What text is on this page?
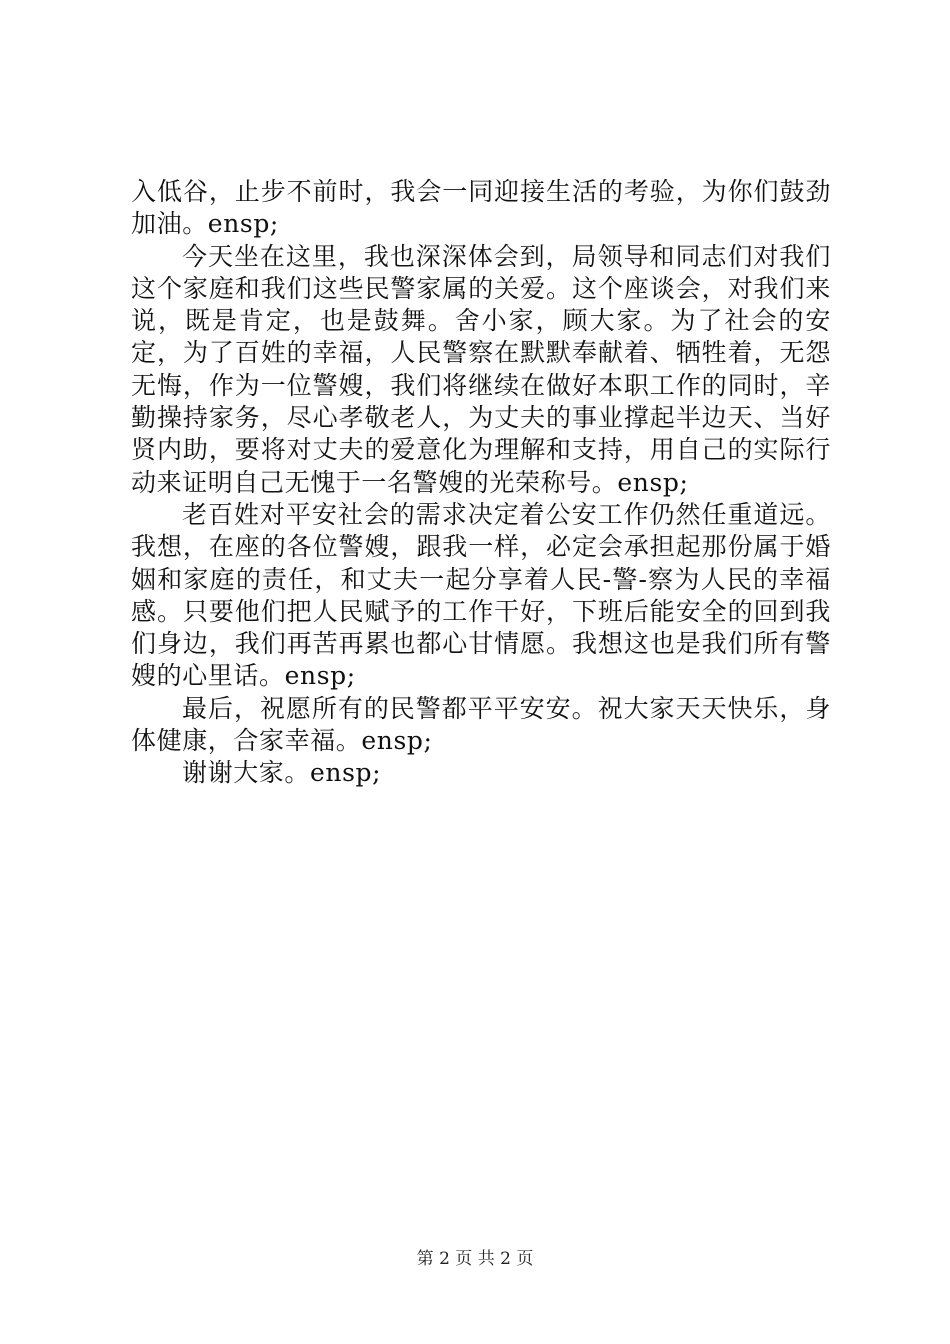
入低谷，止步不前时，我会一同迎接生活的考验，为你们鼓劲加油。ensp;

今天坐在这里，我也深深体会到，局领导和同志们对我们这个家庭和我们这些民警家属的关爱。这个座谈会，对我们来说，既是肯定，也是鼓舞。舍小家，顾大家。为了社会的安定，为了百姓的幸福，人民警察在默默奉献着、牺牲着，无怨无悔，作为一位警嫂，我们将继续在做好本职工作的同时，辛勤操持家务，尽心孝敬老人，为丈夫的事业撑起半边天、当好贤内助，要将对丈夫的爱意化为理解和支持，用自己的实际行动来证明自己无愧于一名警嫂的光荣称号。ensp;

老百姓对平安社会的需求决定着公安工作仍然任重道远。我想，在座的各位警嫂，跟我一样，必定会承担起那份属于婚姻和家庭的责任，和丈夫一起分享着人民-警-察为人民的幸福感。只要他们把人民赋予的工作干好，下班后能安全的回到我们身边，我们再苦再累也都心甘情愿。我想这也是我们所有警嫂的心里话。ensp;

最后，祝愿所有的民警都平平安安。祝大家天天快乐，身体健康，合家幸福。ensp;

谢谢大家。ensp;

第 2 页 共 2 页
